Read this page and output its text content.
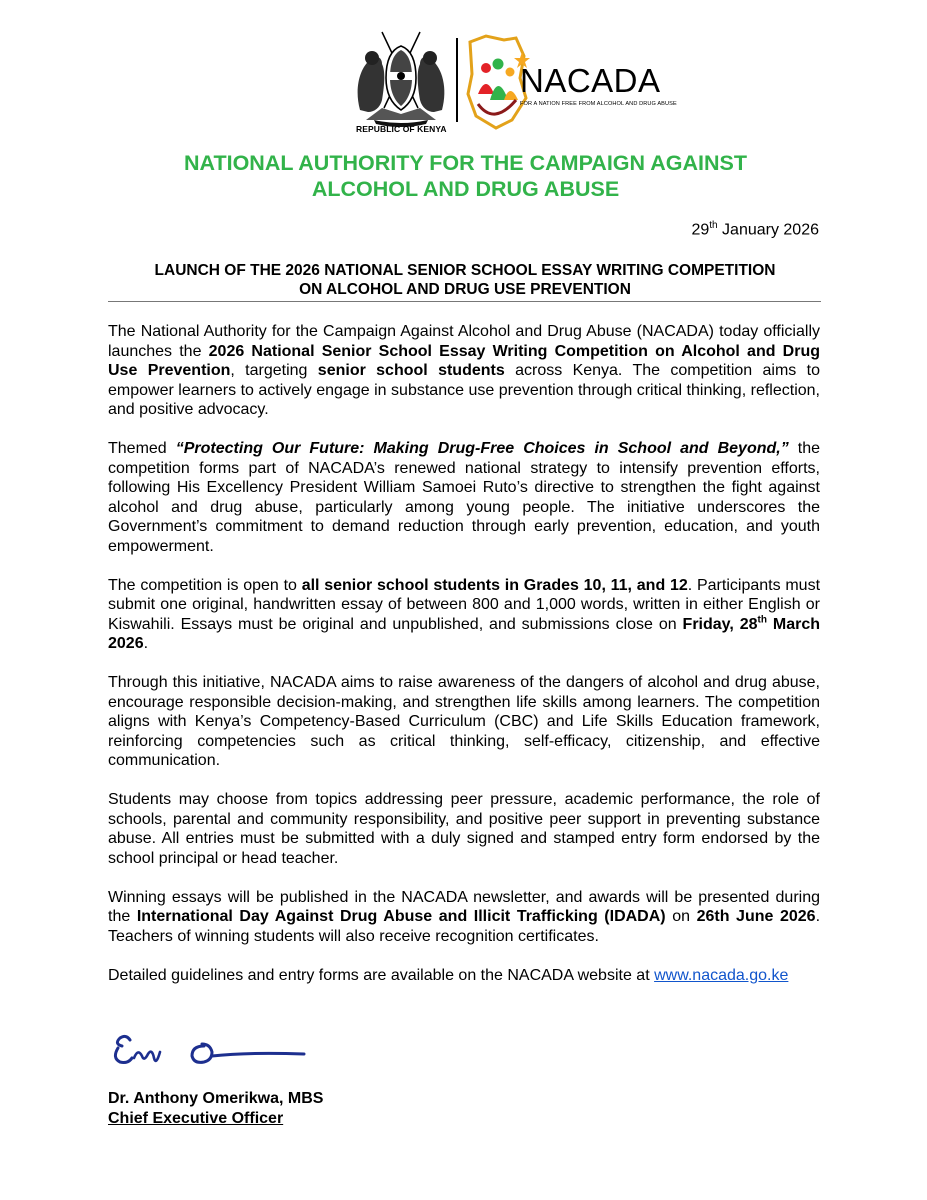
REPUBLIC OF KENYA
NACADA
FOR A NATION FREE FROM ALCOHOL AND DRUG ABUSE
NATIONAL AUTHORITY FOR THE CAMPAIGN AGAINST
ALCOHOL AND DRUG ABUSE
29th January 2026
LAUNCH OF THE 2026 NATIONAL SENIOR SCHOOL ESSAY WRITING COMPETITION
ON ALCOHOL AND DRUG USE PREVENTION

The National Authority for the Campaign Against Alcohol and Drug Abuse (NACADA) today officially launches the 2026 National Senior School Essay Writing Competition on Alcohol and Drug Use Prevention, targeting senior school students across Kenya. The competition aims to empower learners to actively engage in substance use prevention through critical thinking, reflection, and positive advocacy.

Themed “Protecting Our Future: Making Drug-Free Choices in School and Beyond,” the competition forms part of NACADA’s renewed national strategy to intensify prevention efforts, following His Excellency President William Samoei Ruto’s directive to strengthen the fight against alcohol and drug abuse, particularly among young people. The initiative underscores the Government’s commitment to demand reduction through early prevention, education, and youth empowerment.

The competition is open to all senior school students in Grades 10, 11, and 12. Participants must submit one original, handwritten essay of between 800 and 1,000 words, written in either English or Kiswahili. Essays must be original and unpublished, and submissions close on Friday, 28th March 2026.

Through this initiative, NACADA aims to raise awareness of the dangers of alcohol and drug abuse, encourage responsible decision-making, and strengthen life skills among learners. The competition aligns with Kenya’s Competency-Based Curriculum (CBC) and Life Skills Education framework, reinforcing competencies such as critical thinking, self-efficacy, citizenship, and effective communication.

Students may choose from topics addressing peer pressure, academic performance, the role of schools, parental and community responsibility, and positive peer support in preventing substance abuse. All entries must be submitted with a duly signed and stamped entry form endorsed by the school principal or head teacher.

Winning essays will be published in the NACADA newsletter, and awards will be presented during the International Day Against Drug Abuse and Illicit Trafficking (IDADA) on 26th June 2026. Teachers of winning students will also receive recognition certificates.

Detailed guidelines and entry forms are available on the NACADA website at www.nacada.go.ke

Dr. Anthony Omerikwa, MBS
Chief Executive Officer
